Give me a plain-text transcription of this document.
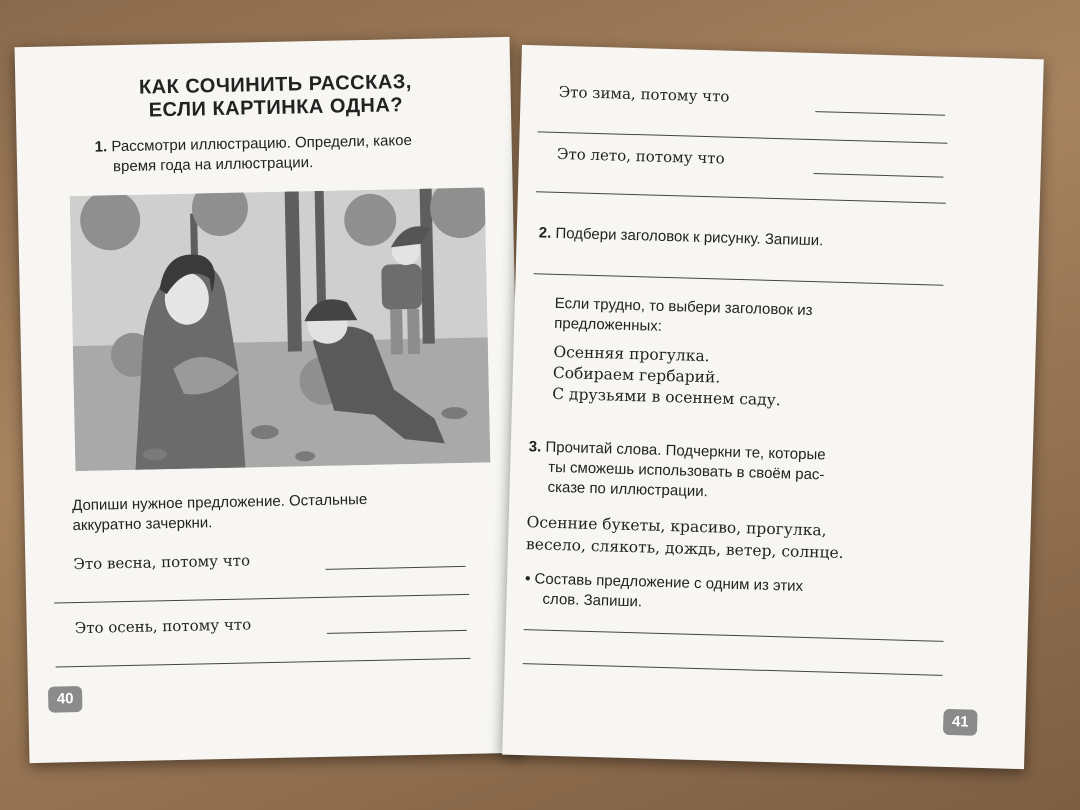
КАК СОЧИНИТЬ РАССКАЗ,
ЕСЛИ КАРТИНКА ОДНА?
1. Рассмотри иллюстрацию. Определи, какое
время года на иллюстрации.
Допиши нужное предложение. Остальные
аккуратно зачеркни.
Это весна, потому что
Это осень, потому что
40
Это зима, потому что
Это лето, потому что
2. Подбери заголовок к рисунку. Запиши.
Если трудно, то выбери заголовок из
предложенных:
Осенняя прогулка.
Собираем гербарий.
С друзьями в осеннем саду.
3. Прочитай слова. Подчеркни те, которые
ты сможешь использовать в своём рас-
сказе по иллюстрации.
Осенние букеты, красиво, прогулка,
весело, слякоть, дождь, ветер, солнце.
• Составь предложение с одним из этих
слов. Запиши.
41
